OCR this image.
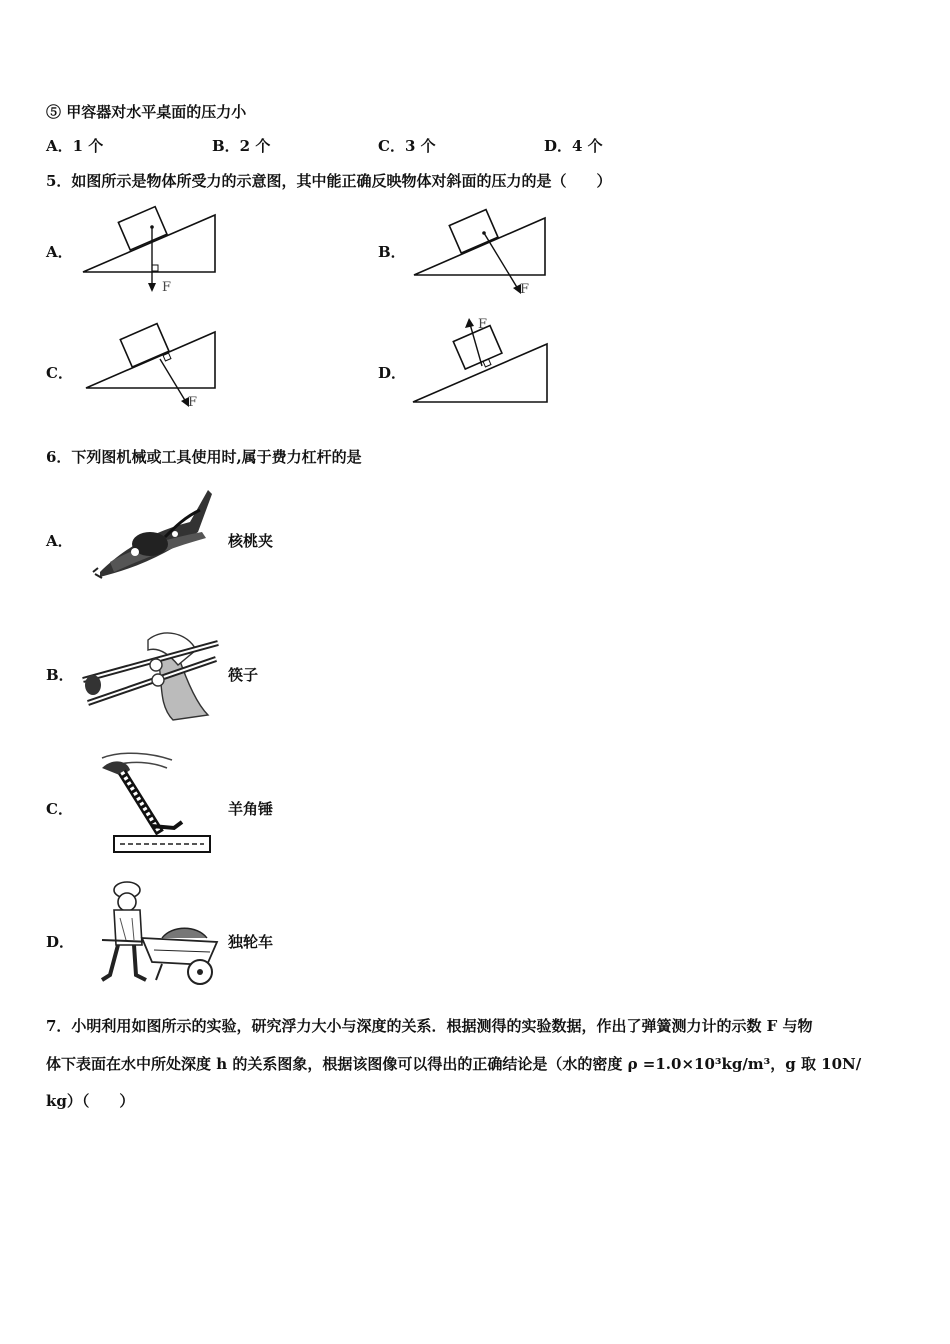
⑤ 甲容器对水平桌面的压力小
A．1 个	B．2 个	C．3 个	D．4 个
5．如图所示是物体所受力的示意图，其中能正确反映物体对斜面的压力的是（　　）
A．
F
B．
F
C．
F
D．
F
6．下列图机械或工具使用时,属于费力杠杆的是
A．	核桃夹
B．	筷子
C．	羊角锤
D．	独轮车
7．小明利用如图所示的实验，研究浮力大小与深度的关系．根据测得的实验数据，作出了弹簧测力计的示数 F 与物
体下表面在水中所处深度 h 的关系图象，根据该图像可以得出的正确结论是（水的密度 ρ =1.0×10³kg/m³，g 取 10N/
kg）（　　）
